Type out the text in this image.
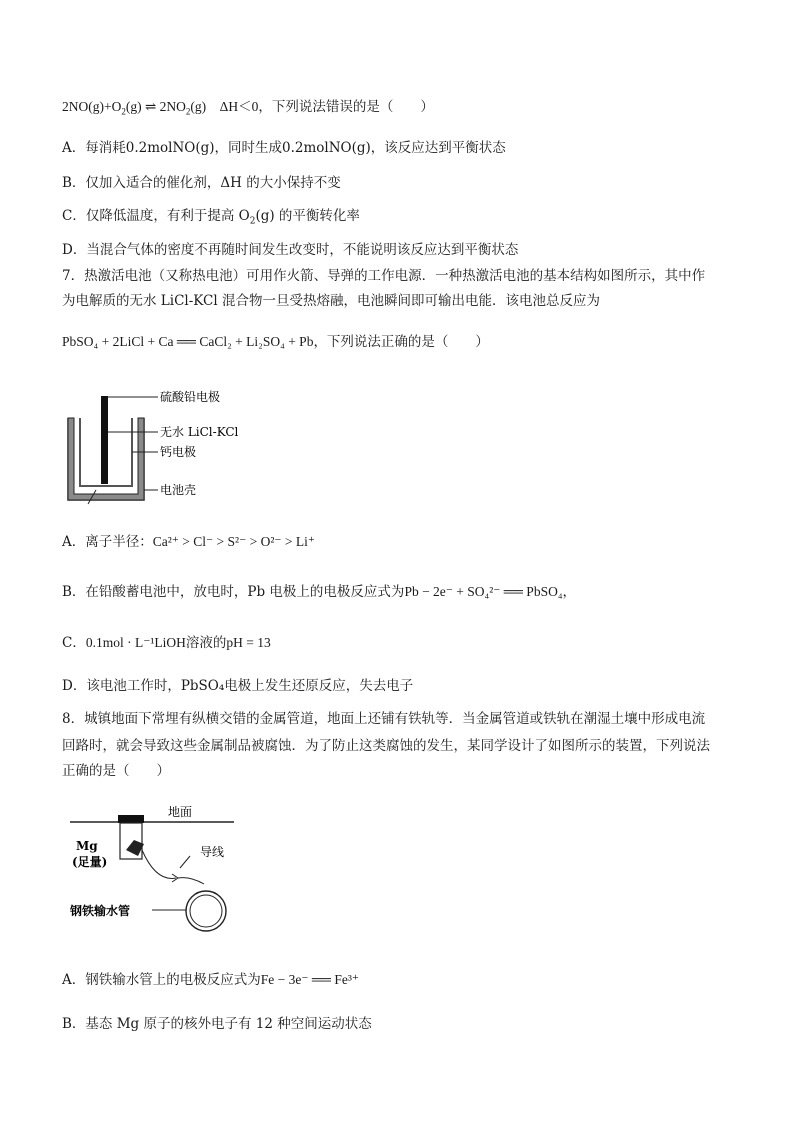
$2NO(g)+O_2(g)$ ⇌ $2NO_2(g)$ ΔH＜0，下列说法错误的是（　　）
A．每消耗0.2molNO(g)，同时生成0.2molNO(g)，该反应达到平衡状态
B．仅加入适合的催化剂，ΔH 的大小保持不变
C．仅降低温度，有利于提高 $O_2(g)$ 的平衡转化率
D．当混合气体的密度不再随时间发生改变时，不能说明该反应达到平衡状态
7．热激活电池（又称热电池）可用作火箭、导弹的工作电源．一种热激活电池的基本结构如图所示，其中作
为电解质的无水 LiCl-KCl 混合物一旦受热熔融，电池瞬间即可输出电能．该电池总反应为
PbSO₄ + 2LiCl + Ca ══ CaCl₂ + Li₂SO₄ + Pb，下列说法正确的是（　　）
硫酸铅电极
无水 LiCl-KCl
钙电极
电池壳
A．离子半径：Ca²⁺ > Cl⁻ > S²⁻ > O²⁻ > Li⁺
B．在铅酸蓄电池中，放电时，Pb 电极上的电极反应式为Pb − 2e⁻ + SO₄²⁻ ══ PbSO₄，
C．0.1mol · L⁻¹LiOH溶液的pH = 13
D．该电池工作时，PbSO₄电极上发生还原反应，失去电子
8．城镇地面下常埋有纵横交错的金属管道，地面上还铺有铁轨等．当金属管道或铁轨在潮湿土壤中形成电流
回路时，就会导致这些金属制品被腐蚀．为了防止这类腐蚀的发生，某同学设计了如图所示的装置，下列说法
正确的是（　　）
地面
Mg
(足量)
导线
钢铁输水管
A．钢铁输水管上的电极反应式为Fe − 3e⁻ ══ Fe³⁺
B．基态 Mg 原子的核外电子有 12 种空间运动状态
